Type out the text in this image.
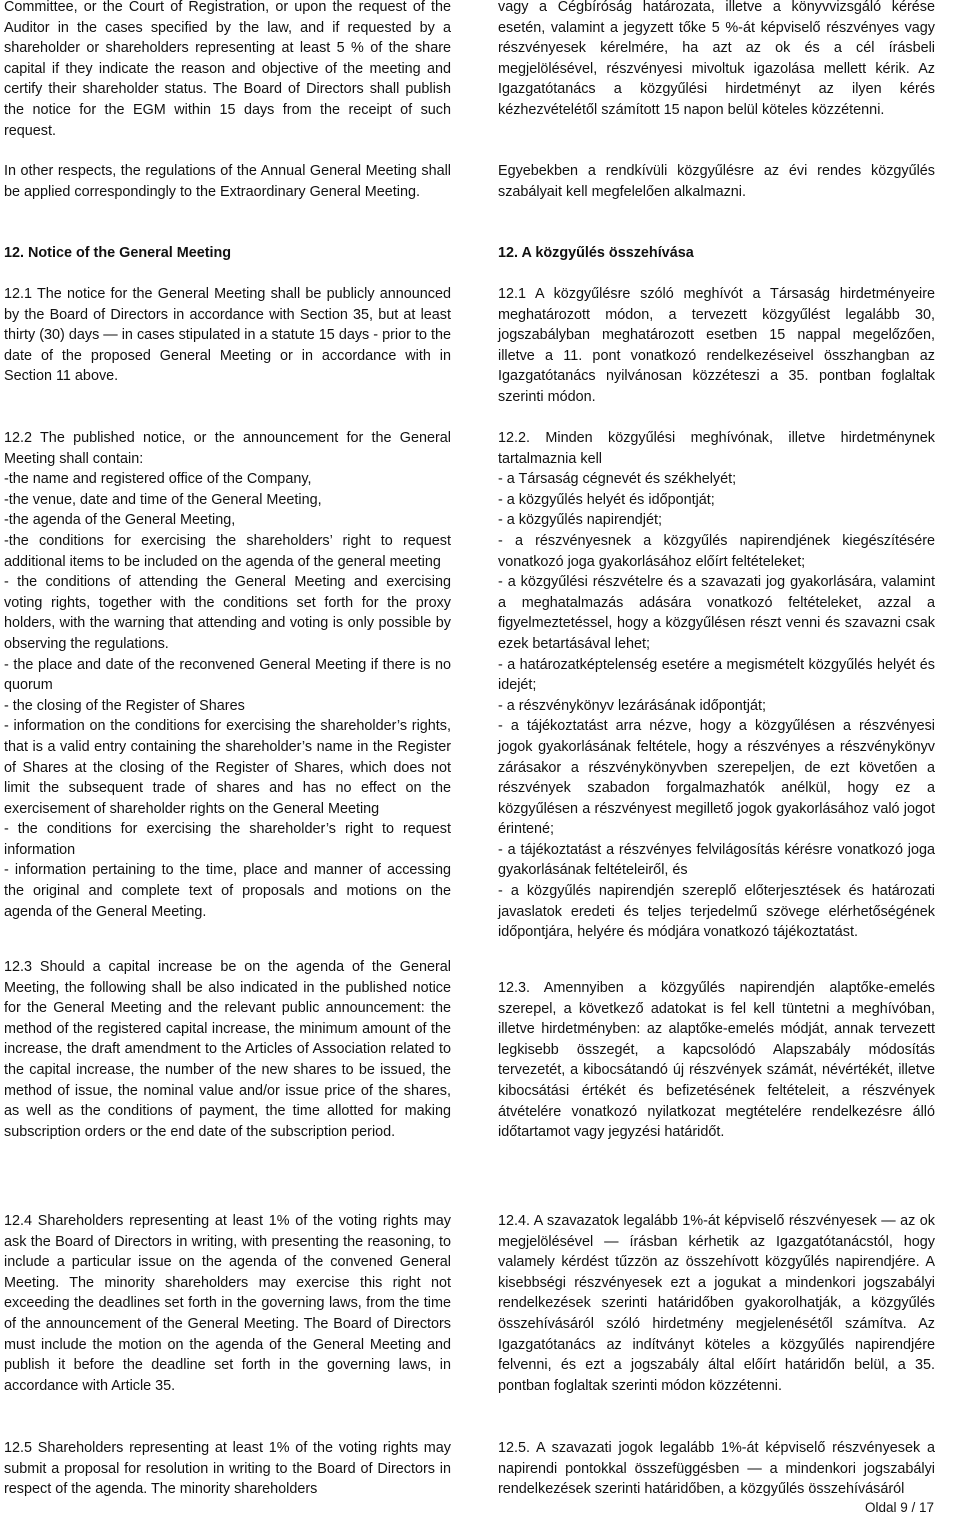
Committee, or the Court of Registration, or upon the request of the Auditor in the cases specified by the law, and if requested by a shareholder or shareholders representing at least 5 % of the share capital if they indicate the reason and objective of the meeting and certify their shareholder status. The Board of Directors shall publish the notice for the EGM within 15 days from the receipt of such request.

In other respects, the regulations of the Annual General Meeting shall be applied correspondingly to the Extraordinary General Meeting.

12. Notice of the General Meeting

12.1 The notice for the General Meeting shall be publicly announced by the Board of Directors in accordance with Section 35, but at least thirty (30) days — in cases stipulated in a statute 15 days - prior to the date of the proposed General Meeting or in accordance with in Section 11 above.

12.2 The published notice, or the announcement for the General Meeting shall contain:

-the name and registered office of the Company,

-the venue, date and time of the General Meeting,

-the agenda of the General Meeting,

-the conditions for exercising the shareholders’ right to request additional items to be included on the agenda of the general meeting

- the conditions of attending the General Meeting and exercising voting rights, together with the conditions set forth for the proxy holders, with the warning that attending and voting is only possible by observing the regulations.

- the place and date of the reconvened General Meeting if there is no quorum

- the closing of the Register of Shares

- information on the conditions for exercising the shareholder’s rights, that is a valid entry containing the shareholder’s name in the Register of Shares at the closing of the Register of Shares, which does not limit the subsequent trade of shares and has no effect on the exercisement of shareholder rights on the General Meeting

- the conditions for exercising the shareholder’s right to request information

- information pertaining to the time, place and manner of accessing the original and complete text of proposals and motions on the agenda of the General Meeting.

12.3 Should a capital increase be on the agenda of the General Meeting, the following shall be also indicated in the published notice for the General Meeting and the relevant public announcement: the method of the registered capital increase, the minimum amount of the increase, the draft amendment to the Articles of Association related to the capital increase, the number of the new shares to be issued, the method of issue, the nominal value and/or issue price of the shares, as well as the conditions of payment, the time allotted for making subscription orders or the end date of the subscription period.

12.4 Shareholders representing at least 1% of the voting rights may ask the Board of Directors in writing, with presenting the reasoning, to include a particular issue on the agenda of the convened General Meeting. The minority shareholders may exercise this right not exceeding the deadlines set forth in the governing laws, from the time of the announcement of the General Meeting. The Board of Directors must include the motion on the agenda of the General Meeting and publish it before the deadline set forth in the governing laws, in accordance with Article 35.

12.5 Shareholders representing at least 1% of the voting rights may submit a proposal for resolution in writing to the Board of Directors in respect of the agenda. The minority shareholders

vagy a Cégbíróság határozata, illetve a könyvvizsgáló kérése esetén, valamint a jegyzett tőke 5 %-át képviselő részvényes vagy részvényesek kérelmére, ha azt az ok és a cél írásbeli megjelölésével, részvényesi mivoltuk igazolása mellett kérik. Az Igazgatótanács a közgyűlési hirdetményt az ilyen kérés kézhezvételétől számított 15 napon belül köteles közzétenni.

Egyebekben a rendkívüli közgyűlésre az évi rendes közgyűlés szabályait kell megfelelően alkalmazni.

12. A közgyűlés összehívása

12.1 A közgyűlésre szóló meghívót a Társaság hirdetményeire meghatározott módon, a tervezett közgyűlést legalább 30, jogszabályban meghatározott esetben 15 nappal megelőzően, illetve a 11. pont vonatkozó rendelkezéseivel összhangban az Igazgatótanács nyilvánosan közzéteszi a 35. pontban foglaltak szerinti módon.

12.2. Minden közgyűlési meghívónak, illetve hirdetménynek tartalmaznia kell

- a Társaság cégnevét és székhelyét;

- a közgyűlés helyét és időpontját;

- a közgyűlés napirendjét;

- a részvényesnek a közgyűlés napirendjének kiegészítésére vonatkozó joga gyakorlásához előírt feltételeket;

- a közgyűlési részvételre és a szavazati jog gyakorlására, valamint a meghatalmazás adására vonatkozó feltételeket, azzal a figyelmeztetéssel, hogy a közgyűlésen részt venni és szavazni csak ezek betartásával lehet;

- a határozatképtelenség esetére a megismételt közgyűlés helyét és idejét;

- a részvénykönyv lezárásának időpontját;

- a tájékoztatást arra nézve, hogy a közgyűlésen a részvényesi jogok gyakorlásának feltétele, hogy a részvényes a részvénykönyv zárásakor a részvénykönyvben szerepeljen, de ezt követően a részvények szabadon forgalmazhatók anélkül, hogy ez a közgyűlésen a részvényest megillető jogok gyakorlásához való jogot érintené;

- a tájékoztatást a részvényes felvilágosítás kérésre vonatkozó joga gyakorlásának feltételeiről, és

- a közgyűlés napirendjén szereplő előterjesztések és határozati javaslatok eredeti és teljes terjedelmű szövege elérhetőségének időpontjára, helyére és módjára vonatkozó tájékoztatást.

12.3. Amennyiben a közgyűlés napirendjén alaptőke-emelés szerepel, a következő adatokat is fel kell tüntetni a meghívóban, illetve hirdetményben: az alaptőke-emelés módját, annak tervezett legkisebb összegét, a kapcsolódó Alapszabály módosítás tervezetét, a kibocsátandó új részvények számát, névértékét, illetve kibocsátási értékét és befizetésének feltételeit, a részvények átvételére vonatkozó nyilatkozat megtételére rendelkezésre álló időtartamot vagy jegyzési határidőt.

12.4. A szavazatok legalább 1%-át képviselő részvényesek — az ok megjelölésével — írásban kérhetik az Igazgatótanácstól, hogy valamely kérdést tűzzön az összehívott közgyűlés napirendjére. A kisebbségi részvényesek ezt a jogukat a mindenkori jogszabályi rendelkezések szerinti határidőben gyakorolhatják, a közgyűlés összehívásáról szóló hirdetmény megjelenésétől számítva. Az Igazgatótanács az indítványt köteles a közgyűlés napirendjére felvenni, és ezt a jogszabály által előírt határidőn belül, a 35. pontban foglaltak szerinti módon közzétenni.

12.5. A szavazati jogok legalább 1%-át képviselő részvényesek a napirendi pontokkal összefüggésben — a mindenkori jogszabályi rendelkezések szerinti határidőben, a közgyűlés összehívásáról

Oldal 9 / 17
